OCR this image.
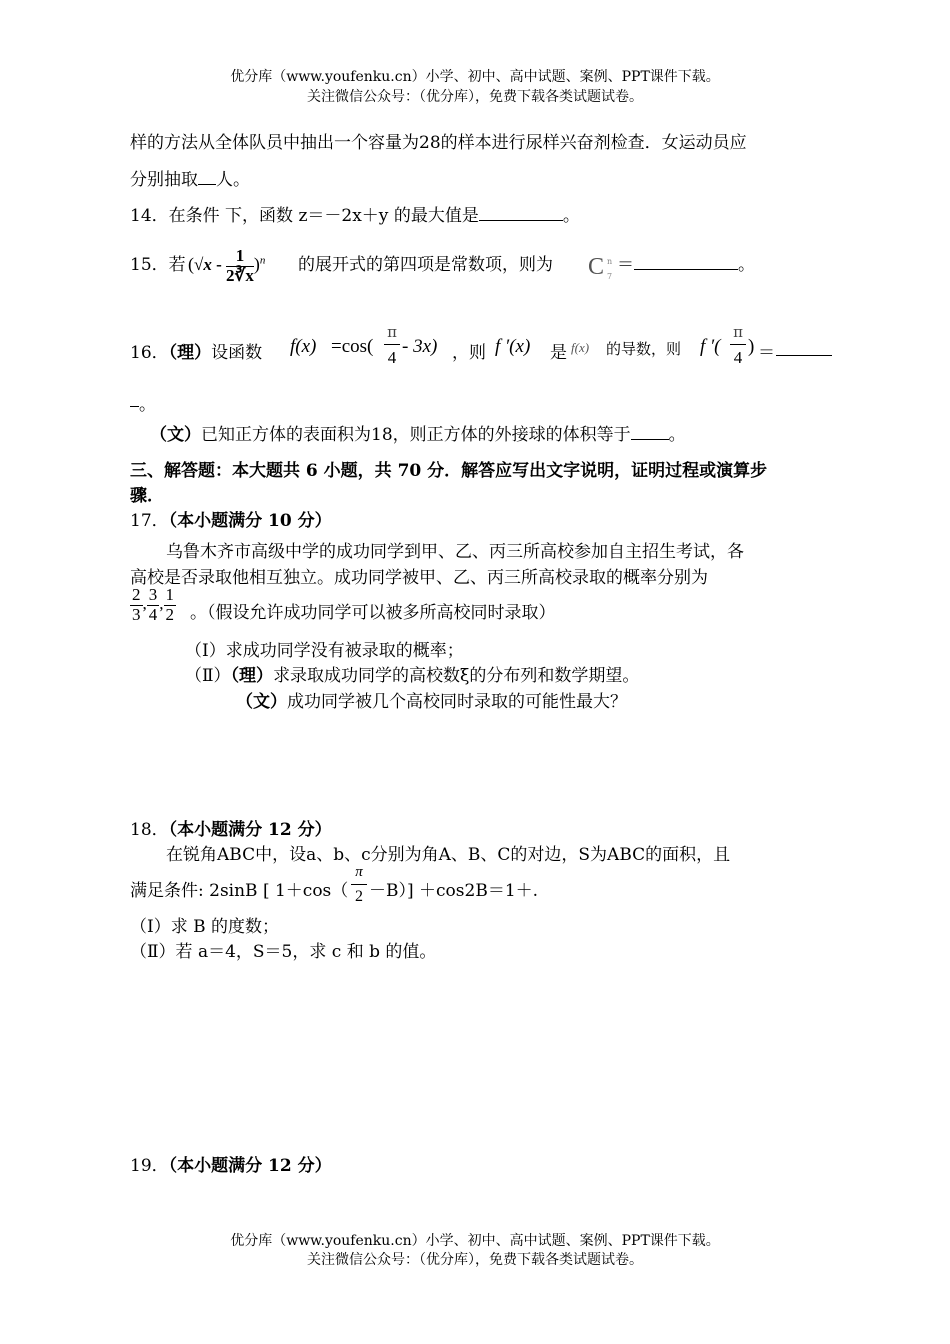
优分库（www.youfenku.cn）小学、初中、高中试题、案例、PPT课件下载。
关注微信公众号：（优分库），免费下载各类试题试卷。
样的方法从全体队员中抽出一个容量为28的样本进行尿样兴奋剂检查．女运动员应
分别抽取 人。
14．在条件 下，函数 z＝－2x＋y 的最大值是	。
15．若 $(√x - \frac{1}{2∛x} )^n$ 的展开式的第四项是常数项，则为 C n
7
＝	。
16．（理）设函数 f(x) =cos(
π
4
- 3x) ，则 f ′(x) 是 f(x) 的导数，则 f ′(
π
4
) ＝
。
（文）已知正方体的表面积为18，则正方体的外接球的体积等于 。
三、解答题：本大题共 6 小题，共 70 分．解答应写出文字说明，证明过程或演算步
骤．
17．（本小题满分 10 分）
乌鲁木齐市高级中学的成功同学到甲、乙、丙三所高校参加自主招生考试，各
高校是否录取他相互独立。成功同学被甲、乙、丙三所高校录取的概率分别为
$\frac{2}{3}$ , $\frac{3}{4}$ , $\frac{1}{2}$ 。（假设允许成功同学可以被多所高校同时录取）
（Ⅰ）求成功同学没有被录取的概率；
（Ⅱ）（理）求录取成功同学的高校数ξ的分布列和数学期望。
（文）成功同学被几个高校同时录取的可能性最大？
18．（本小题满分 12 分）
在锐角ABC中，设a、b、c分别为角A、B、C的对边，S为ABC的面积，且
满足条件: 2sinB [ 1＋cos（
π
2 －B）] ＋cos2B＝1＋.
（Ⅰ）求 B 的度数；
（Ⅱ）若 a＝4，S＝5，求 c 和 b 的值。
19．（本小题满分 12 分）
优分库（www.youfenku.cn）小学、初中、高中试题、案例、PPT课件下载。
关注微信公众号：（优分库），免费下载各类试题试卷。
